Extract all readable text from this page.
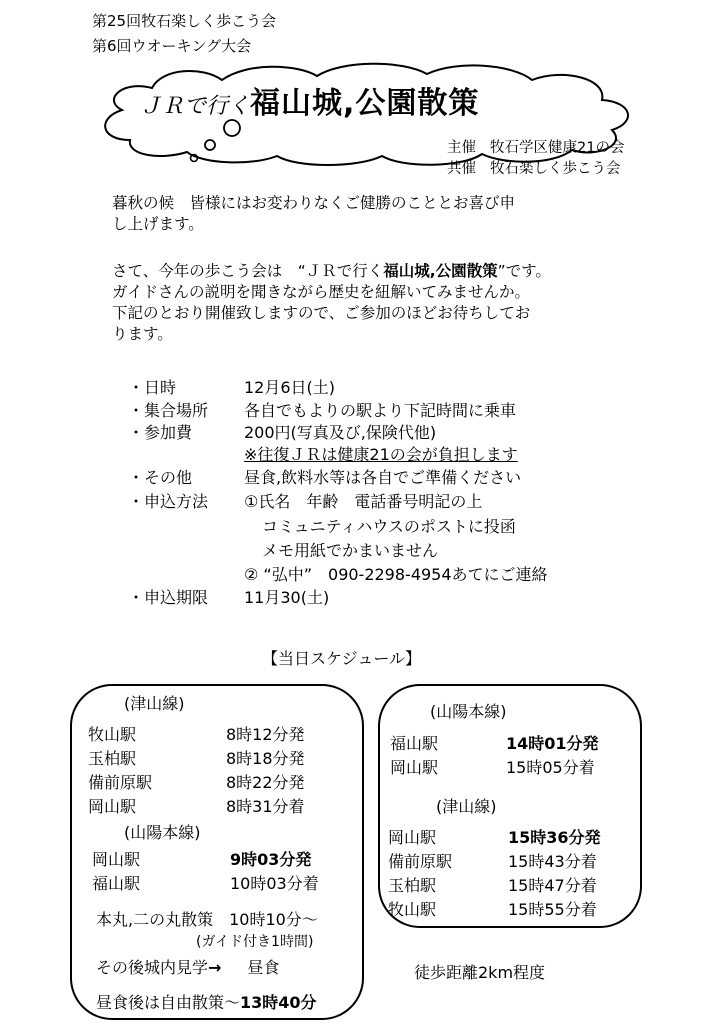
第25回牧石楽しく歩こう会
第6回ウオーキング大会
ＪＲで行く福山城,公園散策
主催 牧石学区健康21の会
共催 牧石楽しく歩こう会
暮秋の候　皆様にはお変わりなくご健勝のこととお喜び申
し上げます。
さて、今年の歩こう会は　“ＪＲで行く福山城,公園散策”です。
ガイドさんの説明を聞きながら歴史を紐解いてみませんか。
下記のとおり開催致しますので、ご参加のほどお待ちしてお
ります。
・日時	12月6日(土)
・集合場所 各自でもよりの駅より下記時間に乗車
・参加費	200円(写真及び,保険代他)
※往復ＪＲは健康21の会が負担します
・その他	昼食,飲料水等は各自でご準備ください
・申込方法 ①氏名　年齢　電話番号明記の上
コミュニティハウスのポストに投函
メモ用紙でかまいません
② “弘中”　090-2298-4954あてにご連絡
・申込期限 11月30(土)
【当日スケジュール】
(津山線)
牧山駅	8時12分発
玉柏駅	8時18分発
備前原駅	8時22分発
岡山駅	8時31分着
(山陽本線)
岡山駅	9時03分発
福山駅	10時03分着
本丸,二の丸散策　10時10分～
(ガイド付き1時間)
その後城内見学→ 昼食
昼食後は自由散策～13時40分
(山陽本線)
福山駅	14時01分発
岡山駅	15時05分着
(津山線)
岡山駅	15時36分発
備前原駅	15時43分着
玉柏駅	15時47分着
牧山駅	15時55分着
徒歩距離2km程度
